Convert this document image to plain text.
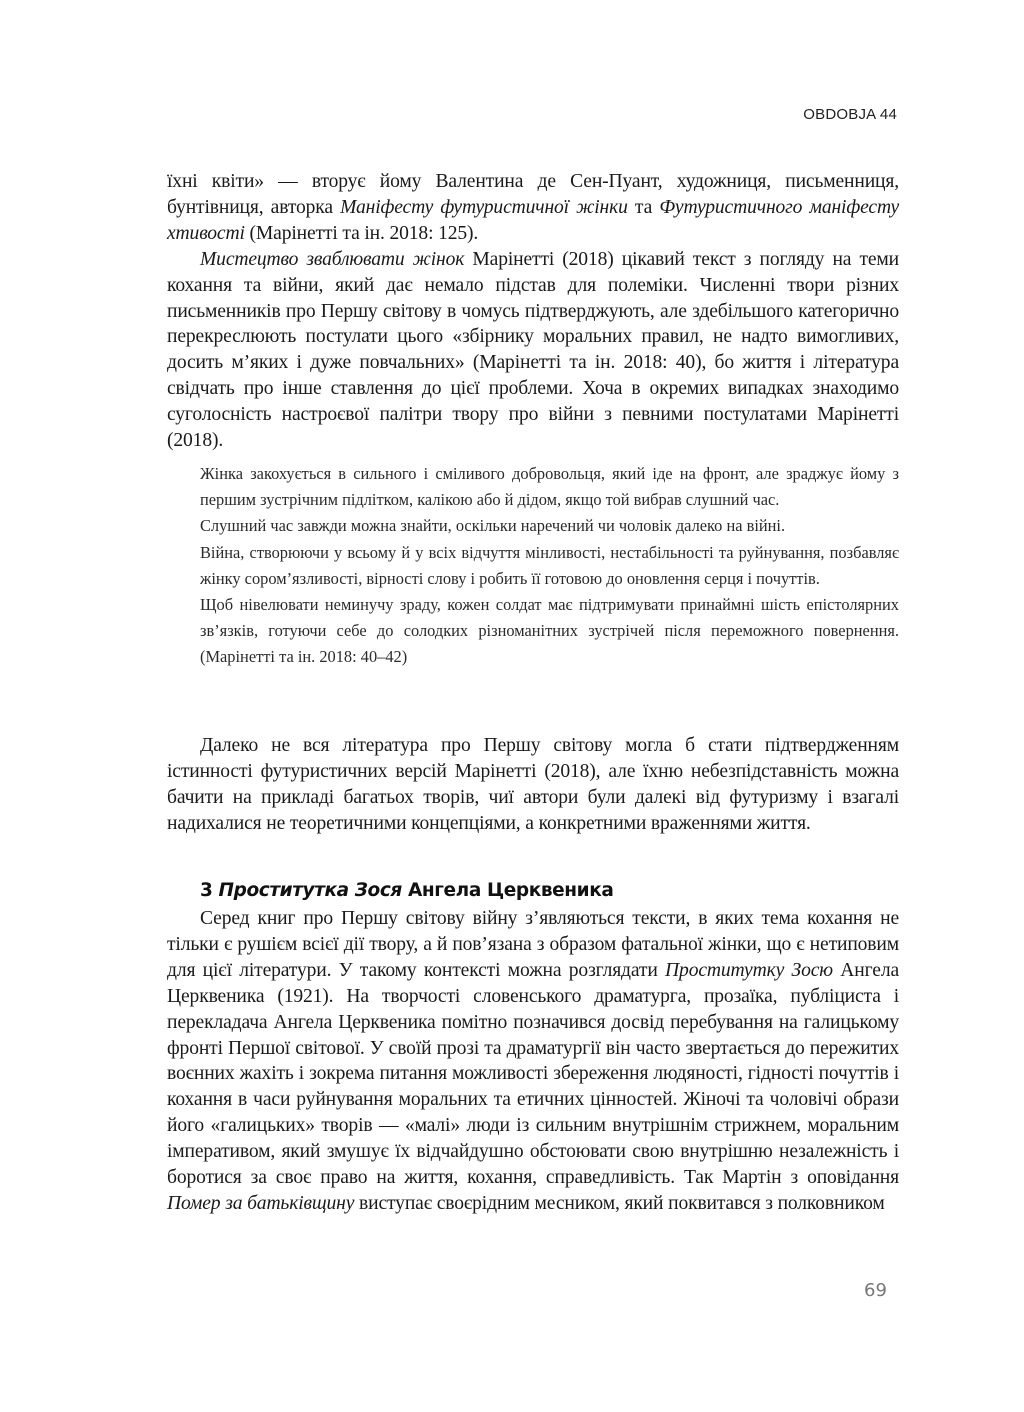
OBDOBJA 44

їхні квіти» — вторує йому Валентина де Сен-Пуант, художниця, письменниця, бунтівниця, авторка Маніфесту футуристичної жінки та Футуристичного маніфесту хтивості (Марінетті та ін. 2018: 125).

Мистецтво зваблювати жінок Марінетті (2018) цікавий текст з погляду на теми кохання та війни, який дає немало підстав для полеміки. Численні твори різних письменників про Першу світову в чомусь підтверджують, але здебільшого категорично перекреслюють постулати цього «збірнику моральних правил, не надто вимогливих, досить м’яких і дуже повчальних» (Марінетті та ін. 2018: 40), бо життя і література свідчать про інше ставлення до цієї проблеми. Хоча в окремих випадках знаходимо суголосність настроєвої палітри твору про війни з певними постулатами Марінетті (2018).

Жінка закохується в сильного і сміливого добровольця, який іде на фронт, але зраджує йому з першим зустрічним підлітком, калікою або й дідом, якщо той вибрав слушний час.

Слушний час завжди можна знайти, оскільки наречений чи чоловік далеко на війні.

Війна, створюючи у всьому й у всіх відчуття мінливості, нестабільності та руйнування, позбавляє жінку сором’язливості, вірності слову і робить її готовою до оновлення серця і почуттів.

Щоб нівелювати неминучу зраду, кожен солдат має підтримувати принаймні шість епістолярних зв’язків, готуючи себе до солодких різноманітних зустрічей після переможного повернення. (Марінетті та ін. 2018: 40–42)

Далеко не вся література про Першу світову могла б стати підтвердженням істинності футуристичних версій Марінетті (2018), але їхню небезпідставність можна бачити на прикладі багатьох творів, чиї автори були далекі від футуризму і взагалі надихалися не теоретичними концепціями, а конкретними враженнями життя.

3 Проститутка Зося Ангела Церквеника

Серед книг про Першу світову війну з’являються тексти, в яких тема кохання не тільки є рушієм всієї дії твору, а й пов’язана з образом фатальної жінки, що є нетиповим для цієї літератури. У такому контексті можна розглядати Проститутку Зосю Ангела Церквеника (1921). На творчості словенського драматурга, прозаїка, публіциста і перекладача Ангела Церквеника помітно позначився досвід перебування на галицькому фронті Першої світової. У своїй прозі та драматургії він часто звертається до пережитих воєнних жахіть і зокрема питання можливості збереження людяності, гідності почуттів і кохання в часи руйнування моральних та етичних цінностей. Жіночі та чоловічі образи його «галицьких» творів — «малі» люди із сильним внутрішнім стрижнем, моральним імперативом, який змушує їх відчайдушно обстоювати свою внутрішню незалежність і боротися за своє право на життя, кохання, справедливість. Так Мартін з оповідання Помер за батьківщину виступає своєрідним месником, який поквитався з полковником

69
